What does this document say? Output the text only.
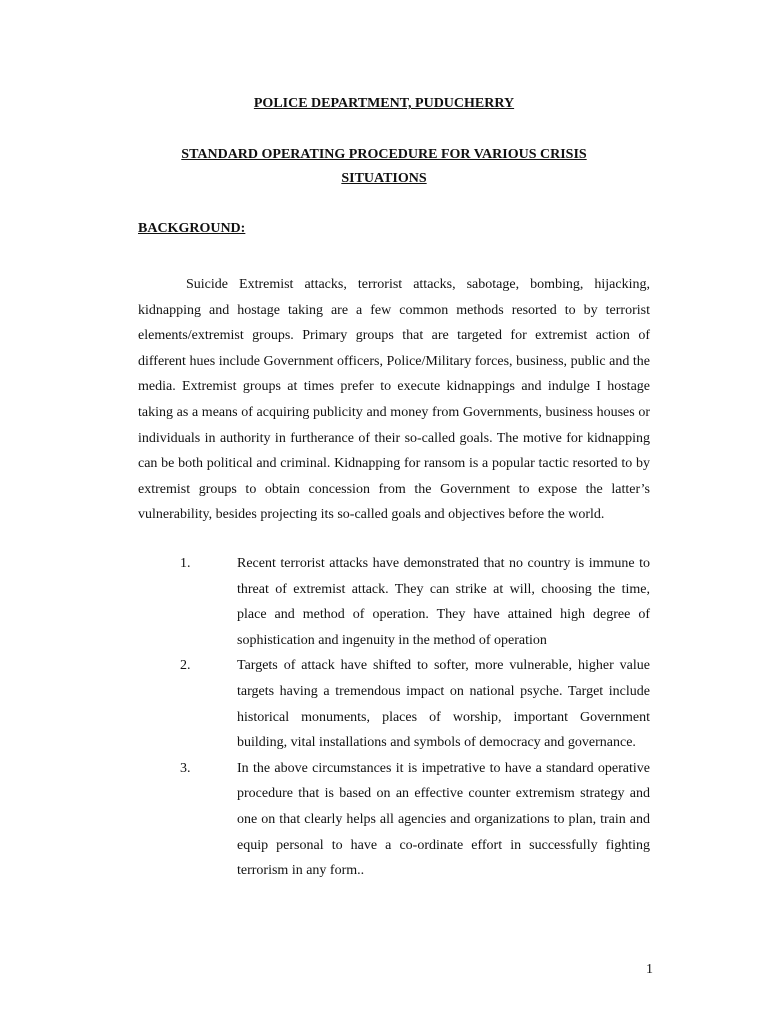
POLICE DEPARTMENT, PUDUCHERRY

STANDARD OPERATING PROCEDURE FOR VARIOUS CRISIS

SITUATIONS

BACKGROUND:

Suicide Extremist attacks, terrorist attacks, sabotage, bombing, hijacking, kidnapping and hostage taking are a few common methods resorted to by terrorist elements/extremist groups. Primary groups that are targeted for extremist action of different hues include Government officers, Police/Military forces, business, public and the media. Extremist groups at times prefer to execute kidnappings and indulge I hostage taking as a means of acquiring publicity and money from Governments, business houses or individuals in authority in furtherance of their so-called goals. The motive for kidnapping can be both political and criminal. Kidnapping for ransom is a popular tactic resorted to by extremist groups to obtain concession from the Government to expose the latter’s vulnerability, besides projecting its so-called goals and objectives before the world.

1.	Recent terrorist attacks have demonstrated that no country is immune to threat of extremist attack. They can strike at will, choosing the time, place and method of operation. They have attained high degree of sophistication and ingenuity in the method of operation
2.	Targets of attack have shifted to softer, more vulnerable, higher value targets having a tremendous impact on national psyche. Target include historical monuments, places of worship, important Government building, vital installations and symbols of democracy and governance.
3.	In the above circumstances it is impetrative to have a standard operative procedure that is based on an effective counter extremism strategy and one on that clearly helps all agencies and organizations to plan, train and equip personal to have a co-ordinate effort in successfully fighting terrorism in any form..
1
